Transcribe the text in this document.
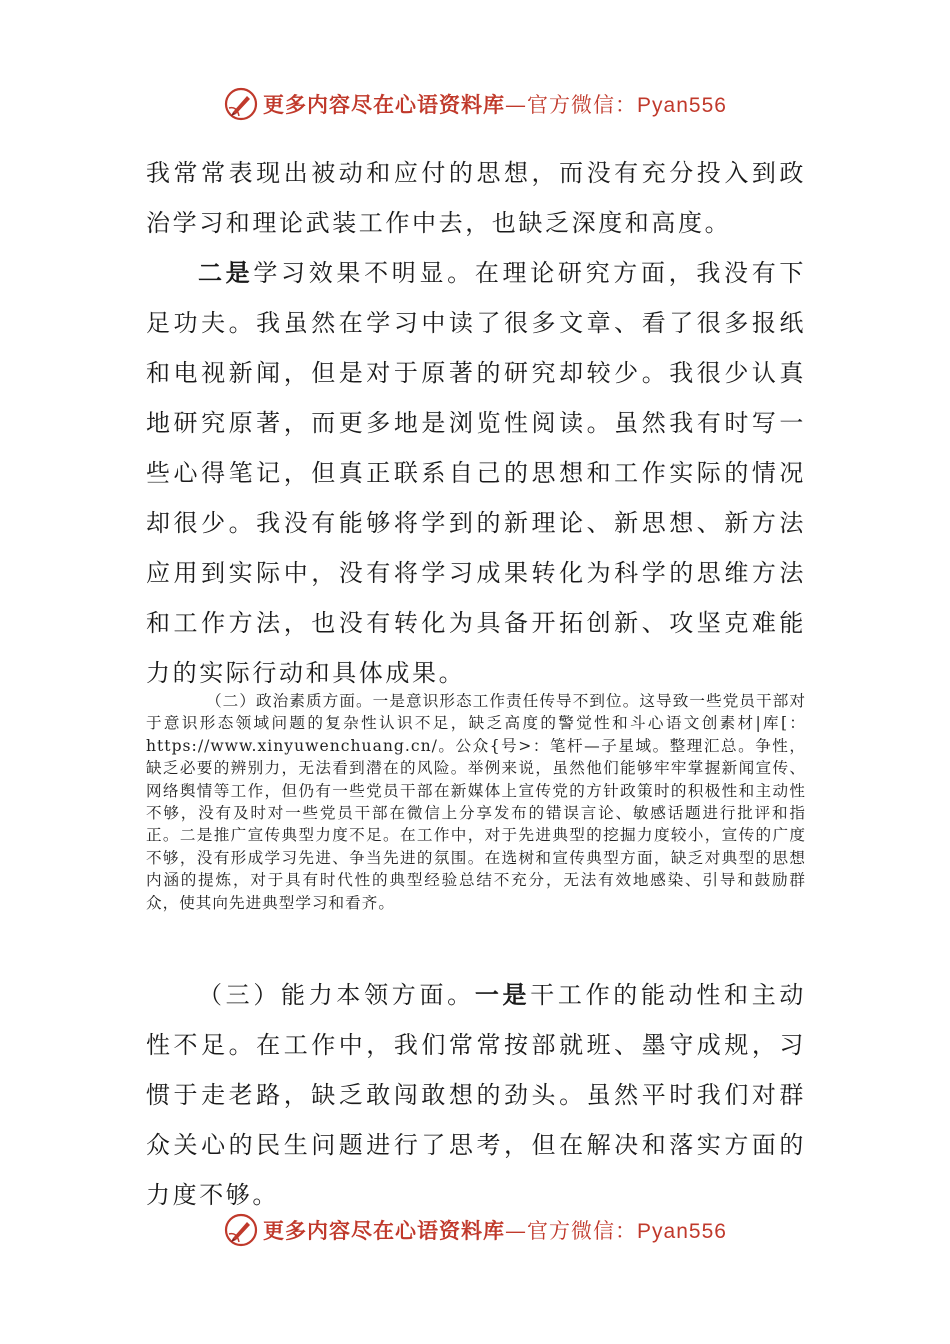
更多内容尽在心语资料库—官方微信：Pyan556

我常常表现出被动和应付的思想，而没有充分投入到政治学习和理论武装工作中去，也缺乏深度和高度。

二是学习效果不明显。在理论研究方面，我没有下足功夫。我虽然在学习中读了很多文章、看了很多报纸和电视新闻，但是对于原著的研究却较少。我很少认真地研究原著，而更多地是浏览性阅读。虽然我有时写一些心得笔记，但真正联系自己的思想和工作实际的情况却很少。我没有能够将学到的新理论、新思想、新方法应用到实际中，没有将学习成果转化为科学的思维方法和工作方法，也没有转化为具备开拓创新、攻坚克难能力的实际行动和具体成果。

（二）政治素质方面。一是意识形态工作责任传导不到位。这导致一些党员干部对于意识形态领域问题的复杂性认识不足，缺乏高度的警觉性和斗心语文创素材|库[：https://www.xinyuwenchuang.cn/。公众{号>：笔杆—子星域。整理汇总。争性，缺乏必要的辨别力，无法看到潜在的风险。举例来说，虽然他们能够牢牢掌握新闻宣传、网络舆情等工作，但仍有一些党员干部在新媒体上宣传党的方针政策时的积极性和主动性不够，没有及时对一些党员干部在微信上分享发布的错误言论、敏感话题进行批评和指正。二是推广宣传典型力度不足。在工作中，对于先进典型的挖掘力度较小，宣传的广度不够，没有形成学习先进、争当先进的氛围。在选树和宣传典型方面，缺乏对典型的思想内涵的提炼，对于具有时代性的典型经验总结不充分，无法有效地感染、引导和鼓励群众，使其向先进典型学习和看齐。

（三）能力本领方面。一是干工作的能动性和主动性不足。在工作中，我们常常按部就班、墨守成规，习惯于走老路，缺乏敢闯敢想的劲头。虽然平时我们对群众关心的民生问题进行了思考，但在解决和落实方面的力度不够。

更多内容尽在心语资料库—官方微信：Pyan556
